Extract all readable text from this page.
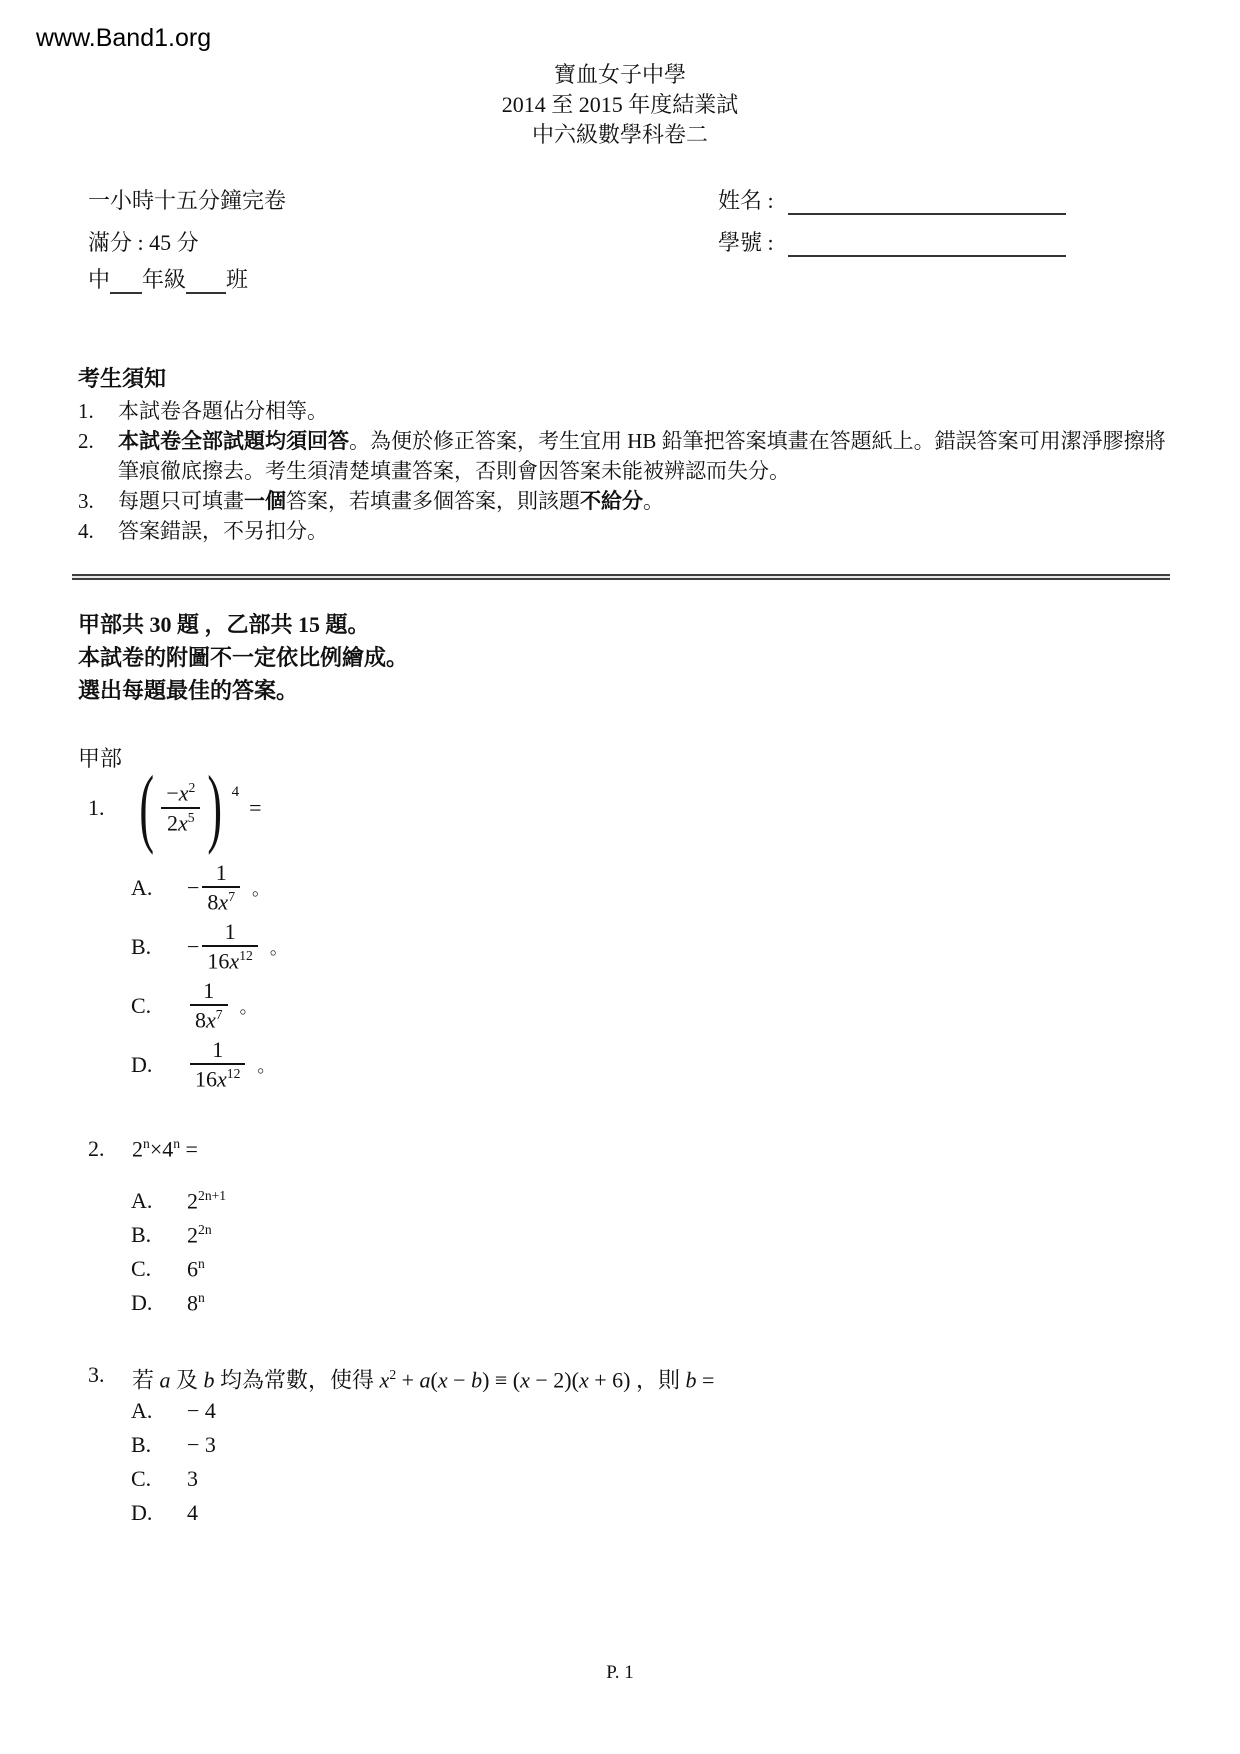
www.Band1.org
寶血女子中學
2014 至 2015 年度結業試
中六級數學科卷二
一小時十五分鐘完卷	姓名 :
滿分 : 45 分	學號 :
中 年級 班
考生須知
1.	本試卷各題佔分相等。
2.	本試卷全部試題均須回答。為便於修正答案，考生宜用 HB 鉛筆把答案填畫在答題紙上。錯誤答案可用潔淨膠擦將筆痕徹底擦去。考生須清楚填畫答案，否則會因答案未能被辨認而失分。
3.	每題只可填畫一個答案，若填畫多個答案，則該題不給分。
4.	答案錯誤，不另扣分。
甲部共 30 題 ，乙部共 15 題。
本試卷的附圖不一定依比例繪成。
選出每題最佳的答案。
甲部
1. ( $\frac{-x^2}{2x^5}$ ) 4
=
A.	− $\frac{1}{8x^7}$ 。
B.	− $\frac{1}{16x^{12}}$ 。
C.	$\frac{1}{8x^7}$ 。
D.	$\frac{1}{16x^{12}}$ 。
2.	$2^n\times 4^n$ =
A.	$2^{2n+1}$
B.	$2^{2n}$
C.	6$^n$
D.	8$^n$
3.	若 a 及 b 均為常數，使得 $x^2 + a(x - b) \equiv (x - 2)(x + 6)$ ，則 b =
A.	− 4
B.	− 3
C.	3
D.	4
P. 1
